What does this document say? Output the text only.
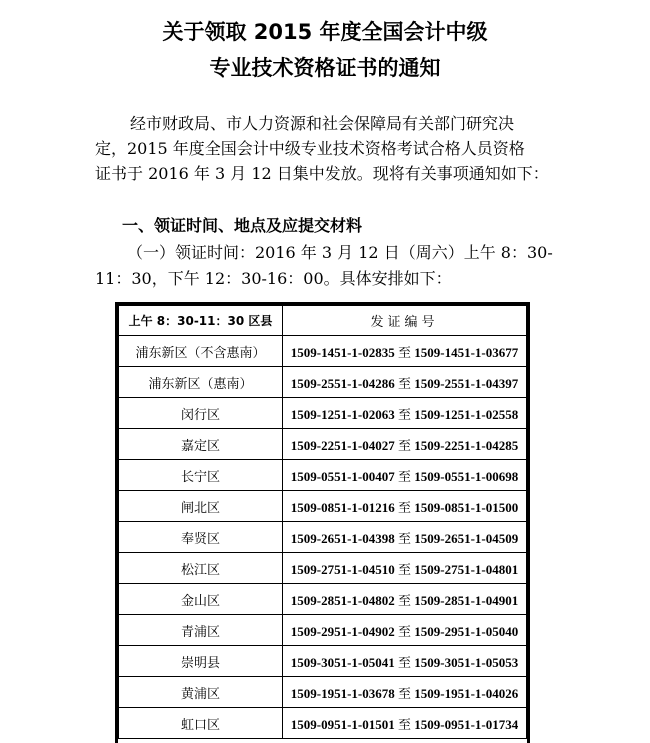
关于领取 2015 年度全国会计中级
专业技术资格证书的通知
经市财政局、市人力资源和社会保障局有关部门研究决
定，2015 年度全国会计中级专业技术资格考试合格人员资格
证书于 2016 年 3 月 12 日集中发放。现将有关事项通知如下：
一、领证时间、地点及应提交材料
（一）领证时间：2016 年 3 月 12 日（周六）上午 8：30-
11：30，下午 12：30-16：00。具体安排如下：
上午 8：30-11：30 区县	发证编号
浦东新区（不含惠南）	1509-1451-1-02835 至 1509-1451-1-03677
浦东新区（惠南）	1509-2551-1-04286 至 1509-2551-1-04397
闵行区	1509-1251-1-02063 至 1509-1251-1-02558
嘉定区	1509-2251-1-04027 至 1509-2251-1-04285
长宁区	1509-0551-1-00407 至 1509-0551-1-00698
闸北区	1509-0851-1-01216 至 1509-0851-1-01500
奉贤区	1509-2651-1-04398 至 1509-2651-1-04509
松江区	1509-2751-1-04510 至 1509-2751-1-04801
金山区	1509-2851-1-04802 至 1509-2851-1-04901
青浦区	1509-2951-1-04902 至 1509-2951-1-05040
崇明县	1509-3051-1-05041 至 1509-3051-1-05053
黄浦区	1509-1951-1-03678 至 1509-1951-1-04026
虹口区	1509-0951-1-01501 至 1509-0951-1-01734
